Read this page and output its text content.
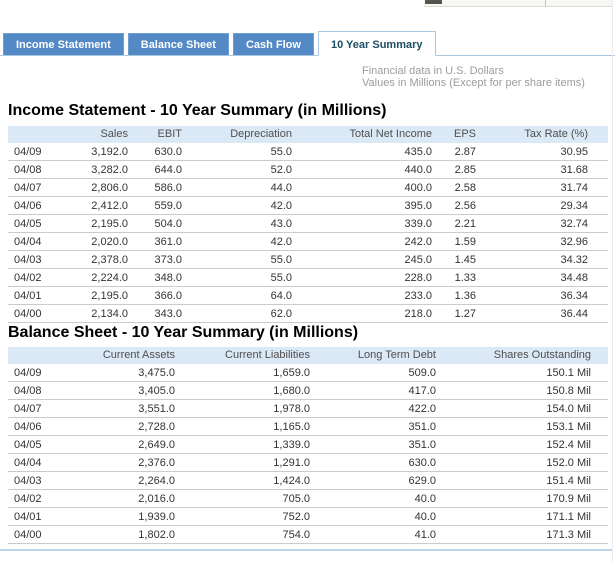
Income Statement	Balance Sheet	Cash Flow	10 Year Summary
Financial data in U.S. Dollars
Values in Millions (Except for per share items)
Income Statement - 10 Year Summary (in Millions)
	Sales	EBIT	Depreciation	Total Net Income	EPS	Tax Rate (%)
04/09	3,192.0	630.0	55.0	435.0	2.87	30.95
04/08	3,282.0	644.0	52.0	440.0	2.85	31.68
04/07	2,806.0	586.0	44.0	400.0	2.58	31.74
04/06	2,412.0	559.0	42.0	395.0	2.56	29.34
04/05	2,195.0	504.0	43.0	339.0	2.21	32.74
04/04	2,020.0	361.0	42.0	242.0	1.59	32.96
04/03	2,378.0	373.0	55.0	245.0	1.45	34.32
04/02	2,224.0	348.0	55.0	228.0	1.33	34.48
04/01	2,195.0	366.0	64.0	233.0	1.36	36.34
04/00	2,134.0	343.0	62.0	218.0	1.27	36.44
Balance Sheet - 10 Year Summary (in Millions)
	Current Assets	Current Liabilities	Long Term Debt	Shares Outstanding
04/09	3,475.0	1,659.0	509.0	150.1 Mil
04/08	3,405.0	1,680.0	417.0	150.8 Mil
04/07	3,551.0	1,978.0	422.0	154.0 Mil
04/06	2,728.0	1,165.0	351.0	153.1 Mil
04/05	2,649.0	1,339.0	351.0	152.4 Mil
04/04	2,376.0	1,291.0	630.0	152.0 Mil
04/03	2,264.0	1,424.0	629.0	151.4 Mil
04/02	2,016.0	705.0	40.0	170.9 Mil
04/01	1,939.0	752.0	40.0	171.1 Mil
04/00	1,802.0	754.0	41.0	171.3 Mil
